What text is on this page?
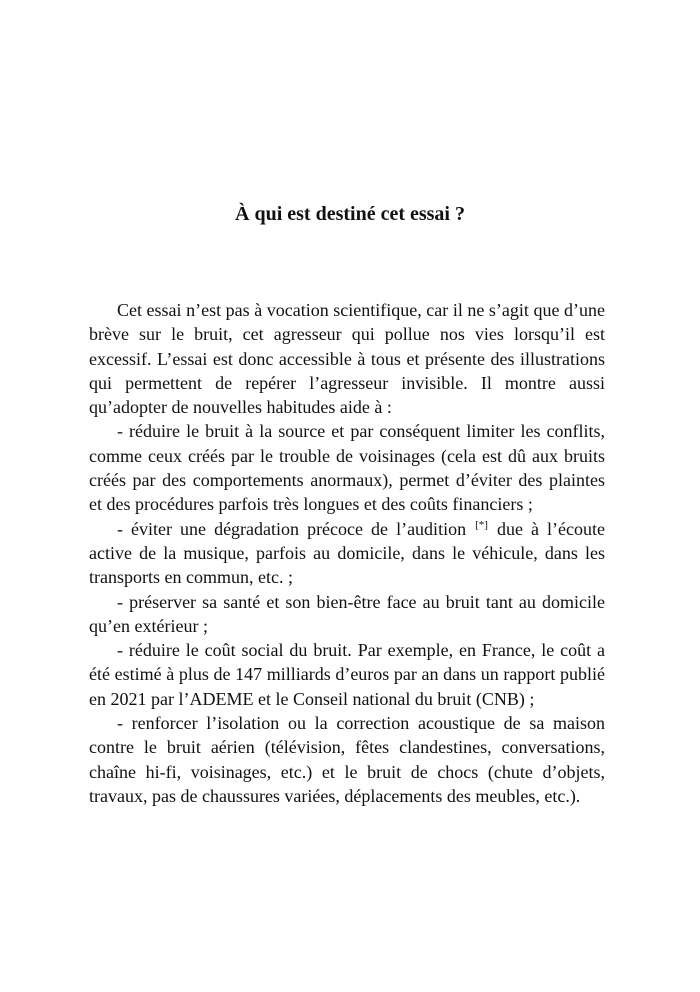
À qui est destiné cet essai ?

Cet essai n’est pas à vocation scientifique, car il ne s’agit que d’une brève sur le bruit, cet agresseur qui pollue nos vies lorsqu’il est excessif. L’essai est donc accessible à tous et présente des illustrations qui permettent de repérer l’agresseur invisible. Il montre aussi qu’adopter de nouvelles habitudes aide à :

- réduire le bruit à la source et par conséquent limiter les conflits, comme ceux créés par le trouble de voisinages (cela est dû aux bruits créés par des comportements anormaux), permet d’éviter des plaintes et des procédures parfois très longues et des coûts financiers ;

- éviter une dégradation précoce de l’audition [*] due à l’écoute active de la musique, parfois au domicile, dans le véhicule, dans les transports en commun, etc. ;

- préserver sa santé et son bien-être face au bruit tant au domicile qu’en extérieur ;

- réduire le coût social du bruit. Par exemple, en France, le coût a été estimé à plus de 147 milliards d’euros par an dans un rapport publié en 2021 par l’ADEME et le Conseil national du bruit (CNB) ;

- renforcer l’isolation ou la correction acoustique de sa maison contre le bruit aérien (télévision, fêtes clandestines, conversations, chaîne hi-fi, voisinages, etc.) et le bruit de chocs (chute d’objets, travaux, pas de chaussures variées, déplacements des meubles, etc.).
